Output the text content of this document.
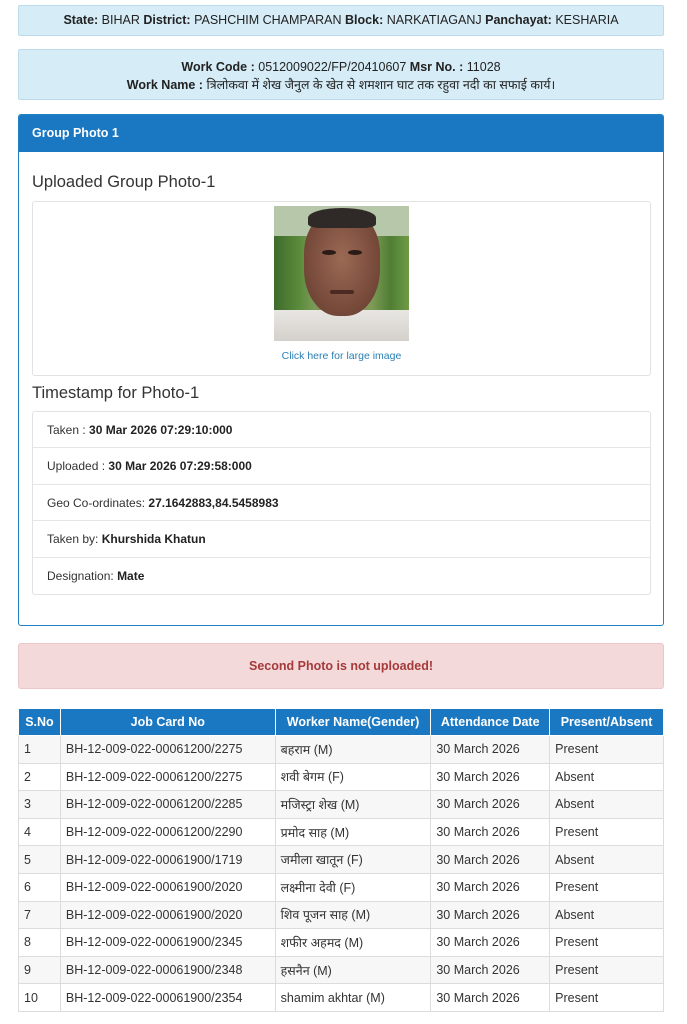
State: BIHAR District: PASHCHIM CHAMPARAN Block: NARKATIAGANJ Panchayat: KESHARIA
Work Code : 0512009022/FP/20410607 Msr No. : 11028
Work Name : त्रिलोकवा में शेख जैनुल के खेत से शमशान घाट तक रहुवा नदी का सफाई कार्य।
Group Photo 1
Uploaded Group Photo-1
Click here for large image
Timestamp for Photo-1
Taken : 30 Mar 2026 07:29:10:000
Uploaded : 30 Mar 2026 07:29:58:000
Geo Co-ordinates: 27.1642883,84.5458983
Taken by: Khurshida Khatun
Designation: Mate
Second Photo is not uploaded!
S.No	Job Card No	Worker Name(Gender)	Attendance Date	Present/Absent
1	BH-12-009-022-00061200/2275	बहराम (M)	30 March 2026	Present
2	BH-12-009-022-00061200/2275	शवी बेगम (F)	30 March 2026	Absent
3	BH-12-009-022-00061200/2285	मजिस्ट्रा शेख (M)	30 March 2026	Absent
4	BH-12-009-022-00061200/2290	प्रमोद साह (M)	30 March 2026	Present
5	BH-12-009-022-00061900/1719	जमीला खातून (F)	30 March 2026	Absent
6	BH-12-009-022-00061900/2020	लक्ष्मीना देवी (F)	30 March 2026	Present
7	BH-12-009-022-00061900/2020	शिव पूजन साह (M)	30 March 2026	Absent
8	BH-12-009-022-00061900/2345	शफीर अहमद (M)	30 March 2026	Present
9	BH-12-009-022-00061900/2348	हसनैन (M)	30 March 2026	Present
10	BH-12-009-022-00061900/2354	shamim akhtar (M)	30 March 2026	Present
